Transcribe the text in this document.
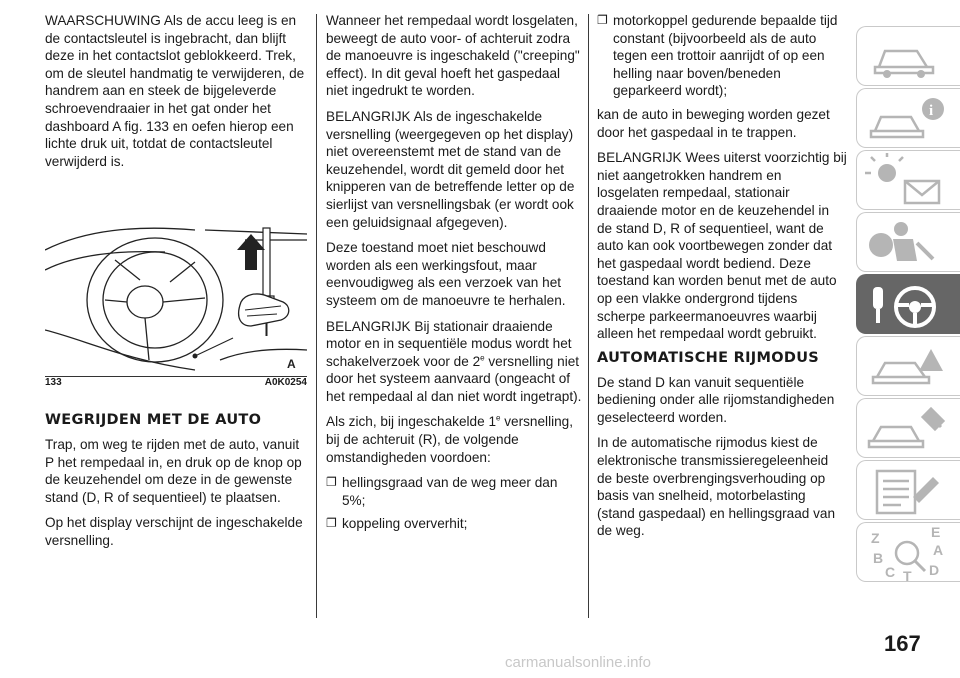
WAARSCHUWING Als de accu leeg is en de contactsleutel is ingebracht, dan blijft deze in het contactslot geblokkeerd. Trek, om de sleutel handmatig te verwijderen, de handrem aan en steek de bijgeleverde schroevendraaier in het gat onder het dashboard A fig. 133 en oefen hierop een lichte druk uit, totdat de contactsleutel verwijderd is.

A
133	A0K0254
WEGRIJDEN MET DE AUTO

Trap, om weg te rijden met de auto, vanuit P het rempedaal in, en druk op de knop op de keuzehendel om deze in de gewenste stand (D, R of sequentieel) te plaatsen.

Op het display verschijnt de ingeschakelde versnelling.

Wanneer het rempedaal wordt losgelaten, beweegt de auto voor- of achteruit zodra de manoeuvre is ingeschakeld ("creeping" effect). In dit geval hoeft het gaspedaal niet ingedrukt te worden.

BELANGRIJK Als de ingeschakelde versnelling (weergegeven op het display) niet overeenstemt met de stand van de keuzehendel, wordt dit gemeld door het knipperen van de betreffende letter op de sierlijst van versnellingsbak (er wordt ook een geluidsignaal afgegeven).

Deze toestand moet niet beschouwd worden als een werkingsfout, maar eenvoudigweg als een verzoek van het systeem om de manoeuvre te herhalen.

BELANGRIJK Bij stationair draaiende motor en in sequentiële modus wordt het schakelverzoek voor de 2e versnelling niet door het systeem aanvaard (ongeacht of het rempedaal al dan niet wordt ingetrapt).

Als zich, bij ingeschakelde 1e versnelling, bij de achteruit (R), de volgende omstandigheden voordoen:

❐ hellingsgraad van de weg meer dan 5%;
❐ koppeling oververhit;
❐ motorkoppel gedurende bepaalde tijd constant (bijvoorbeeld als de auto tegen een trottoir aanrijdt of op een helling naar boven/beneden geparkeerd wordt);

kan de auto in beweging worden gezet door het gaspedaal in te trappen.

BELANGRIJK Wees uiterst voorzichtig bij niet aangetrokken handrem en losgelaten rempedaal, stationair draaiende motor en de keuzehendel in de stand D, R of sequentieel, want de auto kan ook voortbewegen zonder dat het gaspedaal wordt bediend. Deze toestand kan worden benut met de auto op een vlakke ondergrond tijdens scherpe parkeermanoeuvres waarbij alleen het rempedaal wordt gebruikt.

AUTOMATISCHE RIJMODUS

De stand D kan vanuit sequentiële bediening onder alle rijomstandigheden geselecteerd worden.

In de automatische rijmodus kiest de elektronische transmissieregeleenheid de beste overbrengingsverhouding op basis van snelheid, motorbelasting (stand gaspedaal) en hellingsgraad van de weg.

i
Z	E
B	A
C T D
167
carmanualsonline.info
